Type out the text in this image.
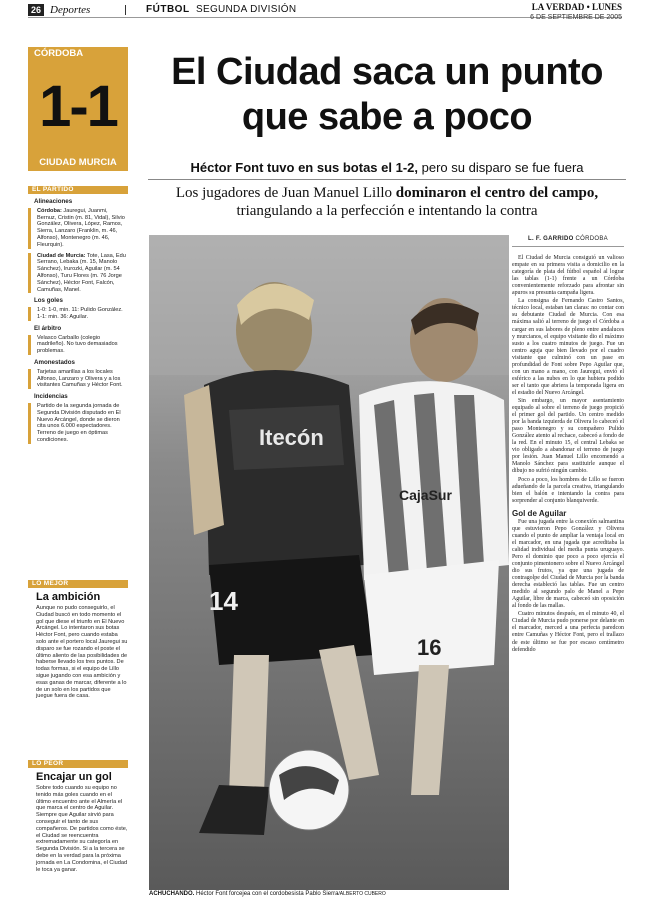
26 Deportes	FÚTBOL SEGUNDA DIVISIÓN	LA VERDAD • LUNES
6 DE SEPTIEMBRE DE 2005
CÓRDOBA
1-1
CIUDAD MURCIA
El Ciudad saca un punto que sabe a poco
Héctor Font tuvo en sus botas el 1-2, pero su disparo se fue fuera
Los jugadores de Juan Manuel Lillo dominaron el centro del campo, triangulando a la perfección e intentando la contra
EL PARTIDO
Alineaciones
Córdoba: Jauregui, Juanmi, Bernuz, Cristin (m. 81, Vidal), Silvio González, Olivera, López, Ramos, Sierra, Lanzaro (Franklin, m. 46, Alfonso), Montenegro (m. 46, Fleurquin).
Ciudad de Murcia: Tote, Lasa, Edu Serrano, Lebaka (m. 15, Manolo Sánchez), Irurozki, Aguilar (m. 54 Alfonso), Turu Flores (m. 76 Jorge Sánchez), Héctor Font, Falcón, Camuñas, Manel.
Los goles
1-0: 1-0, min. 11: Pulido González.
1-1: min. 36: Aguilar.
El árbitro
Velasco Carballo (colegio madrileño). No tuvo demasiados problemas.
Amonestados
Tarjetas amarillas a los locales Alfonso, Lanzaro y Olivera y a los visitantes Camuñas y Héctor Font.
Incidencias
Partido de la segunda jornada de Segunda División disputado en El Nuevo Arcángel, donde se dieron cita unos 6.000 espectadores. Terreno de juego en óptimas condiciones.
LO MEJOR
La ambición
Aunque no pudo conseguirlo, el Ciudad buscó en todo momento el gol que diese el triunfo en El Nuevo Arcángel. Lo intentaron sus botas Héctor Font, pero cuando estaba solo ante el portero local Jauregui su disparo se fue rozando el poste el último aliento de las posibilidades de haberse llevado los tres puntos. De todas formas, si el equipo de Lillo sigue jugando con esa ambición y esas ganas de marcar, diferente a lo de un solo en los partidos que juegue fuera de casa.
LO PEOR
Encajar un gol
Sobre todo cuando su equipo no tenido más goles cuando en el último encuentro ante el Almería el que marca el centro de Aguilar. Siempre que Aguilar sirvió para conseguir el tanto de sus compañeros. De partidos como éste, el Ciudad se reencuentra extremadamente su categoría en Segunda División. Si a la tercera se debe en la verdad para la próxima jornada en La Condomina, el Ciudad le toca ya ganar.
Itecón
14
CajaSur
16
ACHUCHANDO. Héctor Font forcejea con el cordobesista Pablo Sierra/ALBERTO CUBERO
L. F. GARRIDO CÓRDOBA

El Ciudad de Murcia consiguió un valioso empate en su primera visita a domicilio en la categoría de plata del fútbol español al lograr las tablas (1-1) frente a un Córdoba convenientemente reforzado para afrontar sin apuros su presunta campaña ligera.

La consigna de Fernando Castro Santos, técnico local, estaban tan claras: no contar con su debutante Ciudad de Murcia. Con esa máxima salió al terreno de juego el Córdoba a cargar en sus labores de pleno entre andaluces y murcianos, el equipo visitante dio el máximo susto a los cuatro minutos de juego. Fue un centro aguja que bien llevado por el cuadro visitante que culminó con un pase en profundidad de Font sobre Pepo Aguilar que, con un mano a mano, con Jauregui, envió el esférico a las nubes en lo que hubiera podido ser el tanto que abriera la temporada ligera en el estadio del Nuevo Arcángel.

Sin embargo, un mayor asentamiento equipado al sobre el terreno de juego propició el primer gol del partido. Un centro medido por la banda izquierda de Olivera lo cabeceó el paso Montenegro y su compañero Pulido González atento al rechace, cabeceó a fondo de la red. En el minuto 15, el central Lebaka se vio obligado a abandonar el terreno de juego por lesión. Juan Manuel Lillo encomendó a Manolo Sánchez para sustituirle aunque el dibujo no sufrió ningún cambio.

Poco a poco, los hombres de Lillo se fueron adueñando de la parcela creativa, triangulando bien el balón e intentando la contra para sorprender al conjunto blanquiverde.

Gol de Aguilar

Fue una jugada entre la conexión salmantina que estuvieron Pepo González y Olivera cuando el punto de ampliar la ventaja local en el marcador, en una jugada que acreditaba la calidad individual del media punta uruguayo. Pero el dominio que poco a poco ejercía el conjunto pimentonero sobre el Nuevo Arcángel dio sus frutos, ya que una jugada de contragolpe del Ciudad de Murcia por la banda derecha estableció las tablas. Fue un centro medido al segundo palo de Manel a Pepe Aguilar, libre de marca, cabeceó sin oposición al fondo de las mallas.

Cuatro minutos después, en el minuto 40, el Ciudad de Murcia pudo ponerse por delante en el marcador, merced a una perfecta paredcon entre Camuñas y Héctor Font, pero el trallazo de este último se fue por escaso centímetro defendido
